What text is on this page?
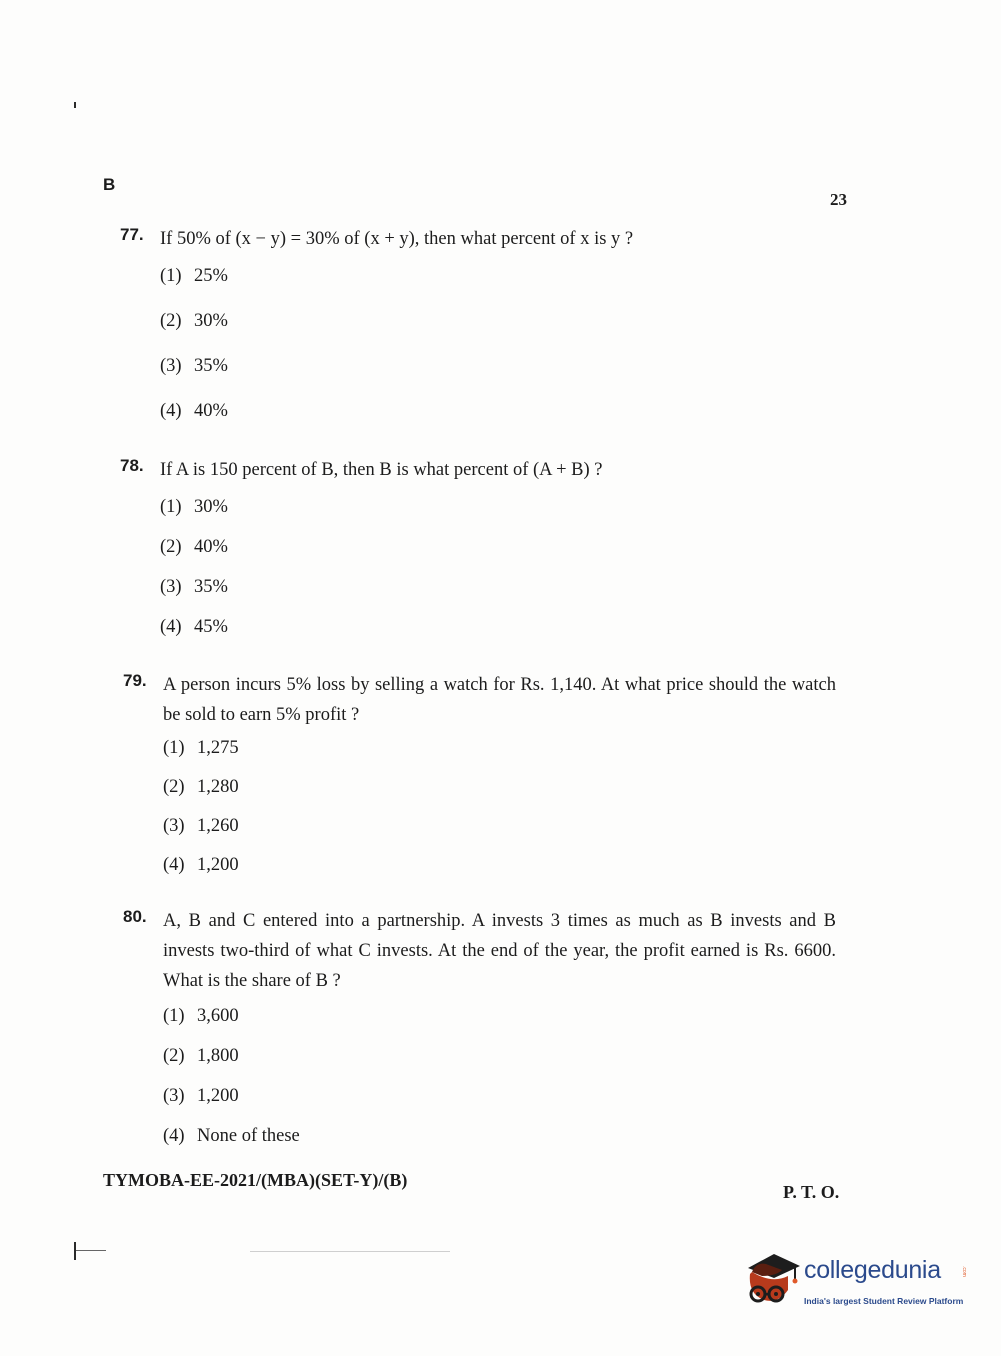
B
23
77. If 50% of (x − y) = 30% of (x + y), then what percent of x is y ?
(1) 25%
(2) 30%
(3) 35%
(4) 40%
78. If A is 150 percent of B, then B is what percent of (A + B) ?
(1) 30%
(2) 40%
(3) 35%
(4) 45%
79. A person incurs 5% loss by selling a watch for Rs. 1,140. At what price should the watch be sold to earn 5% profit ?
(1) 1,275
(2) 1,280
(3) 1,260
(4) 1,200
80. A, B and C entered into a partnership. A invests 3 times as much as B invests and B invests two-third of what C invests. At the end of the year, the profit earned is Rs. 6600. What is the share of B ?
(1) 3,600
(2) 1,800
(3) 1,200
(4) None of these
TYMOBA-EE-2021/(MBA)(SET-Y)/(B)
P. T. O.
collegedunia	.com
India's largest Student Review Platform
